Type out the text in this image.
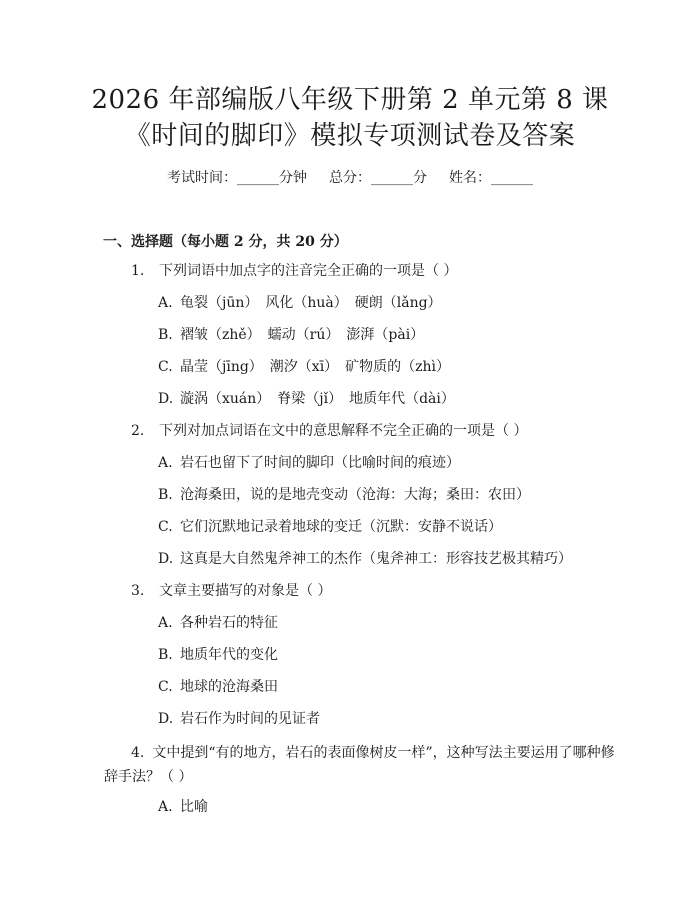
2026 年部编版八年级下册第 2 单元第 8 课
《时间的脚印》模拟专项测试卷及答案
考试时间：______分钟 总分：______分 姓名：______
一、选择题（每小题 2 分，共 20 分）
1. 下列词语中加点字的注音完全正确的一项是（ ）
A. 龟裂（jūn）　风化（huà）　硬朗（lǎng）
B. 褶皱（zhě）　蠕动（rú）　澎湃（pài）
C. 晶莹（jīng）　潮汐（xī）　矿物质的（zhì）
D. 漩涡（xuán）　脊梁（jǐ）　地质年代（dài）
2. 下列对加点词语在文中的意思解释不完全正确的一项是（ ）
A. 岩石也留下了时间的脚印（比喻时间的痕迹）
B. 沧海桑田，说的是地壳变动（沧海：大海；桑田：农田）
C. 它们沉默地记录着地球的变迁（沉默：安静不说话）
D. 这真是大自然鬼斧神工的杰作（鬼斧神工：形容技艺极其精巧）
3. 文章主要描写的对象是（ ）
A. 各种岩石的特征
B. 地质年代的变化
C. 地球的沧海桑田
D. 岩石作为时间的见证者
4. 文中提到“有的地方，岩石的表面像树皮一样”，这种写法主要运用了哪种修辞手法？（ ）
A. 比喻
